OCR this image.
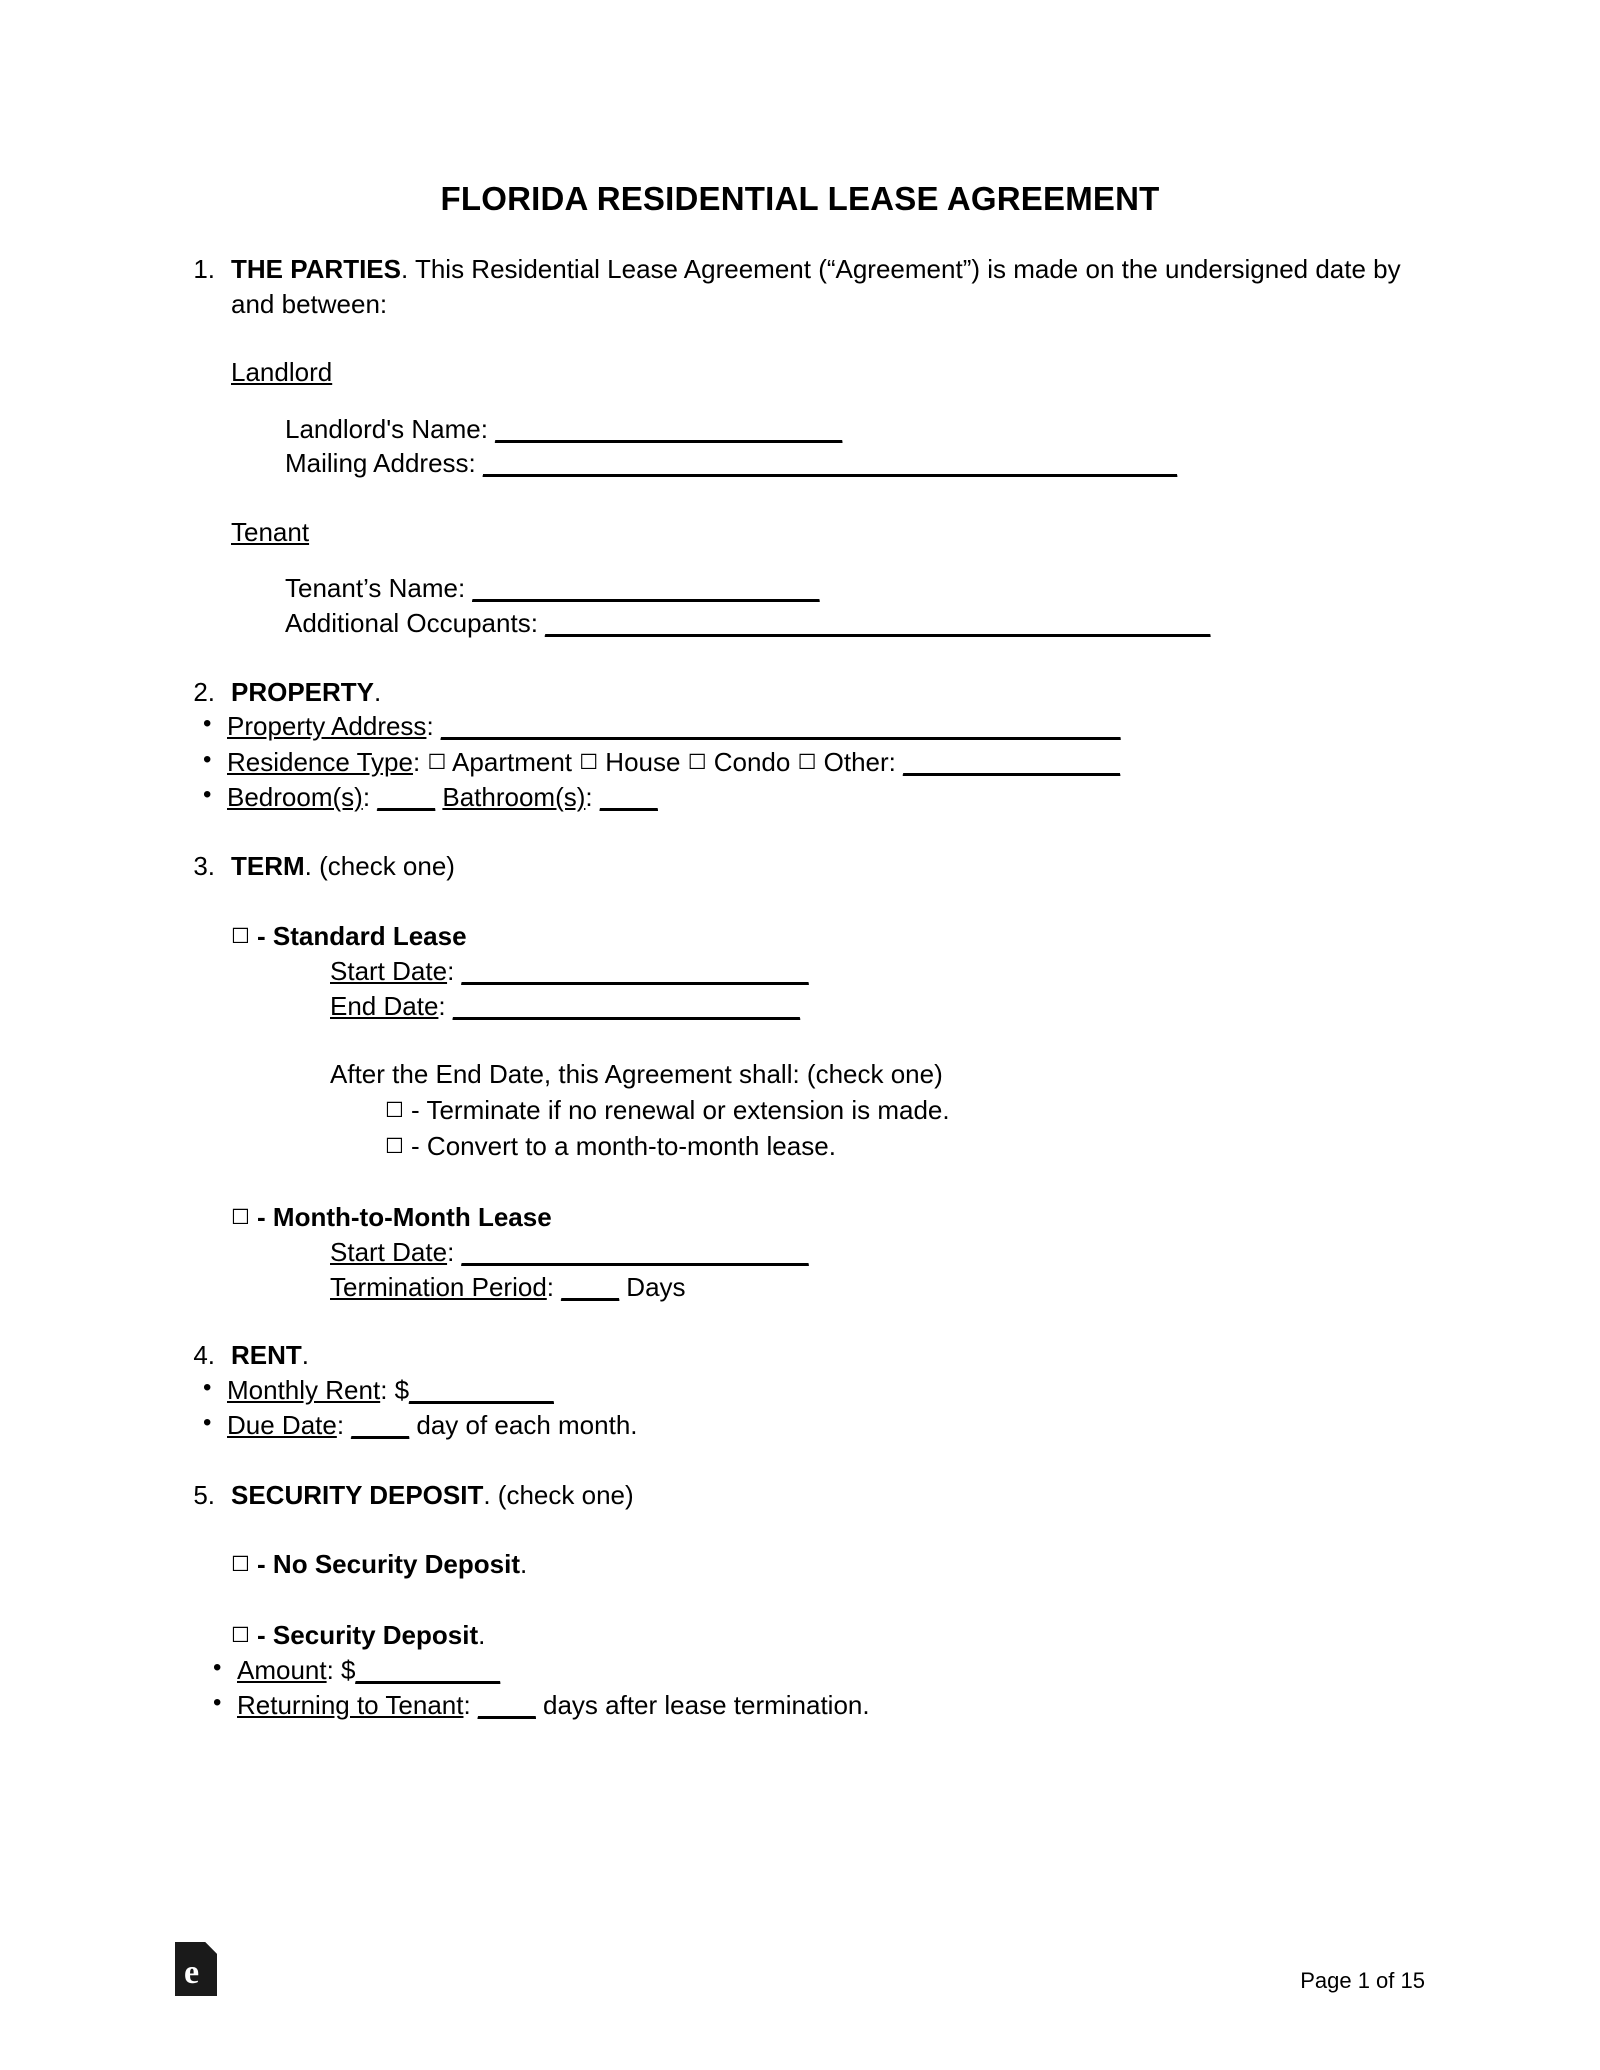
FLORIDA RESIDENTIAL LEASE AGREEMENT
1. THE PARTIES. This Residential Lease Agreement (“Agreement”) is made on the undersigned date by and between:
Landlord
Landlord's Name: ________________________
Mailing Address: ________________________________________________
Tenant
Tenant’s Name: ________________________
Additional Occupants: ______________________________________________
2. PROPERTY.
• Property Address: _______________________________________________
• Residence Type: ☐ Apartment ☐ House ☐ Condo ☐ Other: _______________
• Bedroom(s): ____ Bathroom(s): ____
3. TERM. (check one)
☐ - Standard Lease
Start Date: ________________________
End Date: ________________________
After the End Date, this Agreement shall: (check one)
☐ - Terminate if no renewal or extension is made.
☐ - Convert to a month-to-month lease.
☐ - Month-to-Month Lease
Start Date: ________________________
Termination Period: ____ Days
4. RENT.
• Monthly Rent: $__________
• Due Date: ____ day of each month.
5. SECURITY DEPOSIT. (check one)
☐ - No Security Deposit.
☐ - Security Deposit.
• Amount: $__________
• Returning to Tenant: ____ days after lease termination.
e	Page 1 of 15
